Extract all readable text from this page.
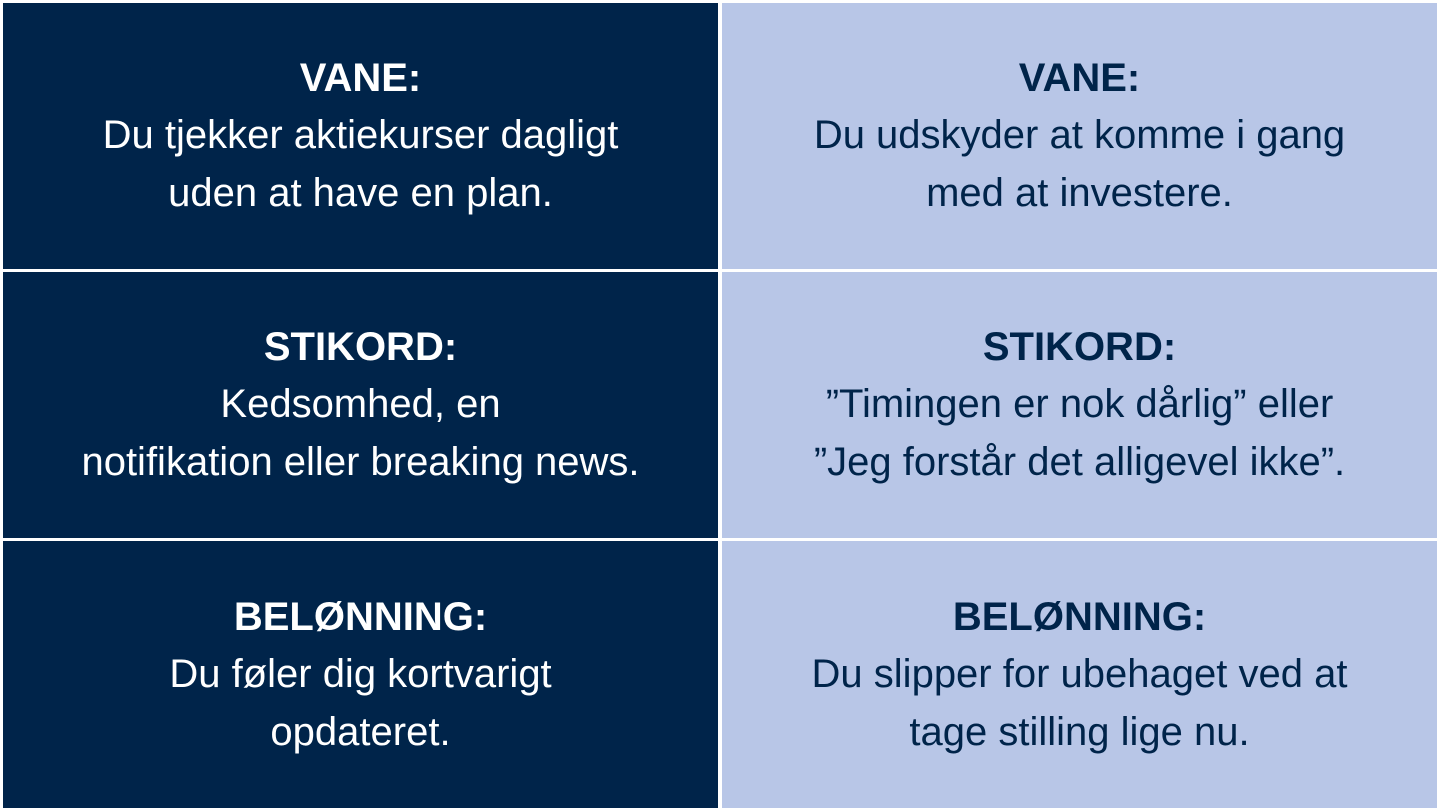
VANE:
Du tjekker aktiekurser dagligt
uden at have en plan.
VANE:
Du udskyder at komme i gang
med at investere.
STIKORD:
Kedsomhed, en
notifikation eller breaking news.
STIKORD:
”Timingen er nok dårlig” eller
”Jeg forstår det alligevel ikke”.
BELØNNING:
Du føler dig kortvarigt
opdateret.
BELØNNING:
Du slipper for ubehaget ved at
tage stilling lige nu.
